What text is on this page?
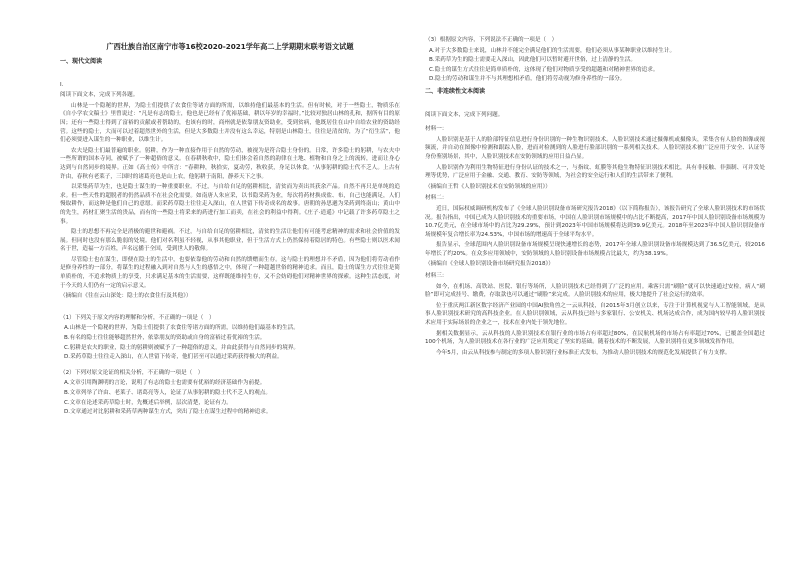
广西壮族自治区南宁市等16校2020-2021学年高二上学期期末联考语文试题
一、现代文阅读

I.

阅读下面文本，完成下列各题。

山林是一个隐秘的世界，为隐士们提供了农食住等诸方面的所需，以维持他们最基本的生活。但有时候，对于一些隐士，物质乐在《自小学农文稿士》里曾说过：“凡是有志的隐士，他也是已经有了优裕基础，耕以年岁的幸福时。”比较对独居山林的孔和，据所有目的原因；还有一些隐士得到了富裕的贡献或者帮助的，也该有的时，商州就是依靠朋友资助业，受到贫病，他既居住在山中自给农业的资助经营。这些的隐士，大而可以过着超然世外的生活，但是大多数隐士并没有这么幸运，特别是山林隐士，往往是清贫的，为了“衍生活”，他们必须要进入谋生的一种职业，以维生计。

农夫是隐士们最普遍的职业。躬耕，作为一种直接作用于自然的劳动，被视为是符合隐士身份的。日常，许多隐士的躬耕，与农夫中一些所谓的国本寺同，被赋予了一种超俗的意义。在春耕秋收中，隐士们体会着自然的韵律在土地、植物和自身之上的流转，进而让身心达到与自然同步的境界。正如《高士传》中所言：“春耕种，秋拾实，夏动劳，秋收获，身足以休食。‘从事躬耕的隐士代不乏人。上古有许由，春秋有老莱子，三国时的诸葛亮也是山上农，他躬耕于南阳，静养天下之事。

以采集药草为生，也是隐士谋生的一种重要职业。不过，与自给自足的躬耕相比，清贫而为卖出其获余产品。自然不再只是单纯的追求。但一些天性的超脱者的仍然品质不在社会化需要。如南唐人朱应采，以书隐采药为业，每次将药材换成盐、布，自己也能满足，人们慢取耕作，而这种是他们自己的意愿。而采药草隐士往往走入深山，在人世留下传奇成名的故事。唐朝的孙思邈为采药到终南山；黄山中的先生，药材汇聚生活的贵品，而有的一些隐士将采来的药进行加工而卖，在社会的利益中得利。《庄子·逍遥》中记载了许多药草隐士之事。

隐士的思想不再完全是消极的避世和避祸。不过，与自给自足的躬耕相比，清贫的生活让他们有可能考虑精神的需求和社会价值的发展。但同时也没有那么脆弱的处境。他们对名利虽不轻视，从事其他职业，但于生活方式上仍然保持着隐居的特色。有些隐士则以医术闻名于世，造福一方百姓，声名远播于全国，受到世人的敬仰。

尽管隐士也在谋生，即便在隐士的生活中，也要依靠他的劳动和自然的馈赠而生存。这与隐士的理想并不矛盾，因为他们将劳动看作是修身养性的一部分，将谋生的过程融入到对自然与人生的感悟之中，体现了一种超越世俗的精神追求。而且，隐士的谋生方式往往是简单质朴的，不追求物质上的享受，只求满足基本的生活需要，这样既能维持生存，又不会妨碍他们对精神世界的探索。这种生活态度，对于今天的人们仍有一定的启示意义。

（摘编自《往在云山深处：隐士的衣食住行及其他》）

（1）下列关于原文内容的理解和分析，不正确的一项是（　）

A.山林是一个隐秘的世界，为隐士们提供了农食住等诸方面的所需，以维持他们最基本的生活。

B.有名的隐士往往能够超然世外，依靠朋友的资助或自身的富裕过着优裕的生活。

C.躬耕是农夫的职业，隐士的躬耕则被赋予了一种超俗的意义，并由此获得与自然同步的境界。

D.采药草隐士往往走入深山，在人世留下传奇，他们甚至可以通过采药获得极大的利益。

（2）下列对原文论证的相关分析，不正确的一项是（　）

A.文章引用陶渊明的言论，说明了有志的隐士也需要有优裕的经济基础作为前提。

B.文章列举了许由、老莱子、诸葛亮等人，论证了从事躬耕的隐士代不乏人的观点。

C.文章在论述采药草隐士时，先概述后举例，层次清楚，论证有力。

D.文章通过对比躬耕和采药草两种谋生方式，突出了隐士在谋生过程中的精神追求。

（3）根据原文内容，下列说法不正确的一项是（　）

A.对于大多数隐士来说，山林并不能完全满足他们的生活需要，他们必须从事某种职业以维持生计。

B.采药草为生的隐士需要走入深山，因此他们可以暂时避开世俗，过上清静的生活。

C.隐士的谋生方式往往是简单质朴的，这体现了他们对物质享受的超越和对精神世界的追求。

D.隐士的劳动和谋生并不与其理想相矛盾，他们将劳动视为修身养性的一部分。

二、非连续性文本阅读

阅读下面文本，完成下列问题。

材料一：

人脸识别是基于人的脸部特征信息进行身份识别的一种生物识别技术。人脸识别技术通过摄像机或摄像头，采集含有人脸的图像或视频流，并自动在图像中检测和跟踪人脸，进而对检测到的人脸进行脸部识别的一系列相关技术。人脸识别技术被广泛应用于安全、认证等身份鉴别场景，其中，人脸识别技术在安防领域的应用日益凸显。

人脸识别作为利用生物特征进行身份认证的技术之一，与指纹、虹膜等其他生物特征识别技术相比，具有非接触、非强制、可并发处理等优势，广泛应用于金融、交通、教育、安防等领域，为社会的安全运行和人们的生活带来了便利。

（摘编自王哲《人脸识别技术在安防领域的应用》）

材料二：

近日，国际权威调研机构发布了《全球人脸识别设备市场研究报告2018》（以下简称报告），该报告研究了全球人脸识别技术的市场状况。报告指出，中国已成为人脸识别技术的重要市场，中国在人脸识别市场规模中的占比不断提高，2017年中国人脸识别设备市场规模为10.7亿美元，在全球市场中的占比为29.29%，预计到2023年中国市场规模将达到39.9亿美元。2018年至2023年中国人脸识别设备市场规模年复合增长率为24.53%，中国市场的增速高于全球平均水平。

报告显示，全球范围内人脸识别设备市场规模呈现快速增长的态势，2017年全球人脸识别设备市场规模达到了36.5亿美元，较2016年增长了约20%。在众多应用领域中，安防领域的人脸识别设备市场规模占比最大，约为38.19%。

（摘编自《全球人脸识别设备市场研究报告2018》）

材料三：

如今，在机场、高铁站、医院、银行等场所，人脸识别技术已经得到了广泛的应用。乘客只需“刷脸”就可以快速通过安检，病人“刷脸”即可完成挂号、缴费，存取款也可以通过“刷脸”来完成。人脸识别技术的应用，极大地提升了社会运行的效率。

位于重庆两江新区数字经济产业园的中国AI独角兽之一云从科技，自2015年3月创立以来，专注于计算机视觉与人工智能领域，是从事人脸识别技术研究的高科技企业。在人脸识别领域，云从科技已经与多家银行、公安机关、机场达成合作，成为国内较早将人脸识别技术应用于实际场景的企业之一，技术在业内处于领先地位。

据相关数据显示，云从科技的人脸识别技术在银行业的市场占有率超过80%，在民航机场的市场占有率超过70%，已覆盖全国超过100个机场，为人脸识别技术在各行业的广泛应用奠定了坚实的基础。随着技术的不断发展，人脸识别将在更多领域发挥作用。

今年5月，由云从科技参与制定的多项人脸识别行业标准正式发布，为推动人脸识别技术的规范化发展提供了有力支撑。
